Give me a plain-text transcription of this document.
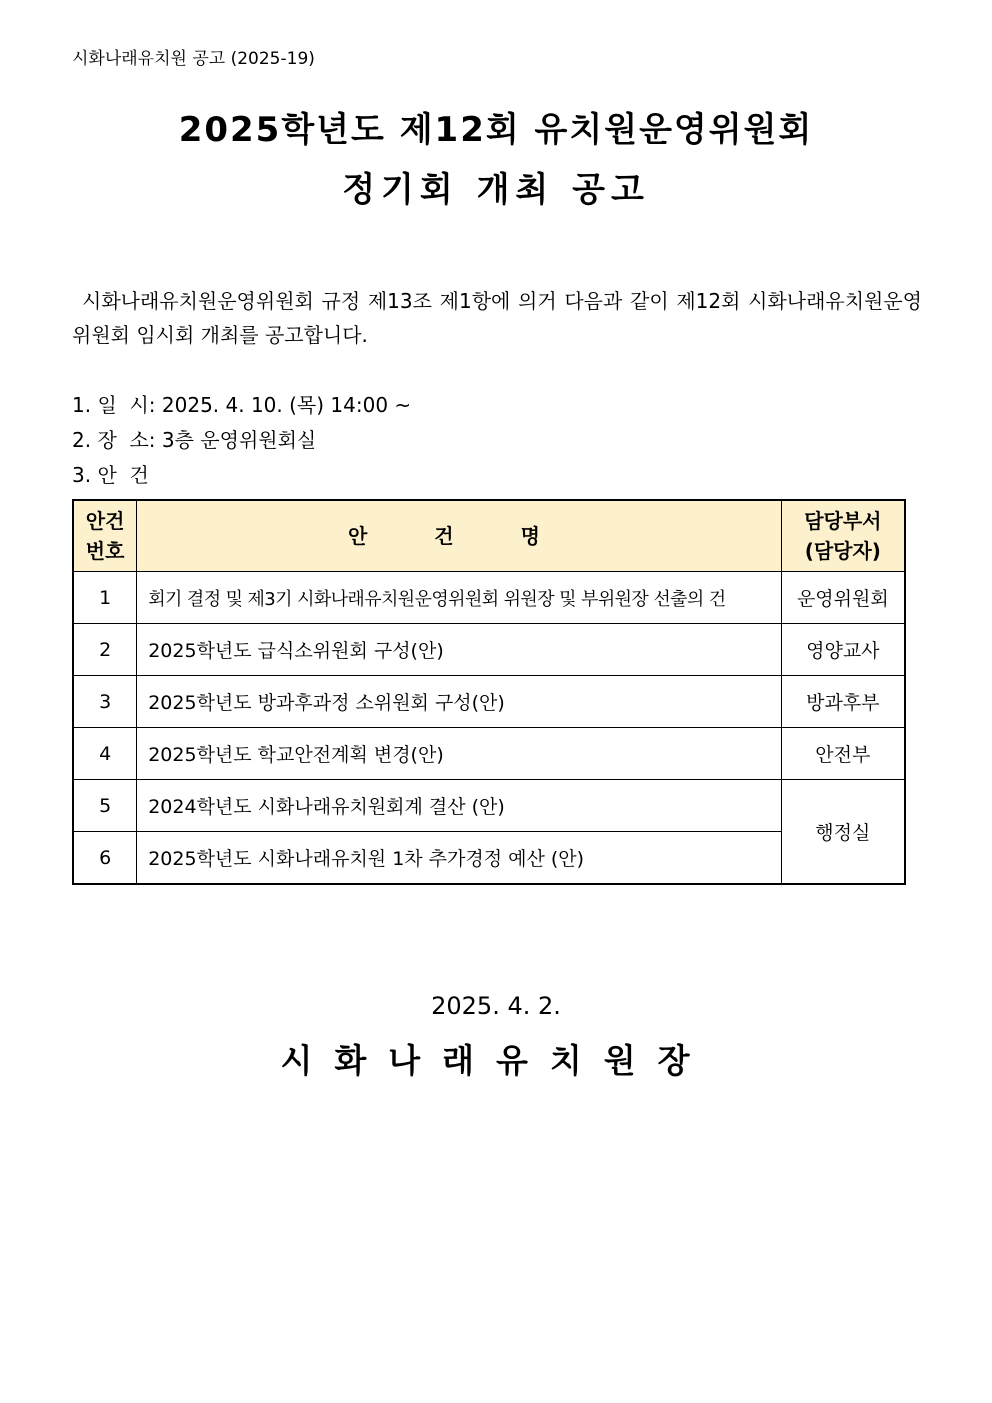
시화나래유치원 공고 (2025-19)
2025학년도 제12회 유치원운영위원회
정기회 개최 공고
시화나래유치원운영위원회 규정 제13조 제1항에 의거 다음과 같이 제12회 시화나래유치원운영위원회 임시회 개최를 공고합니다.
1. 일  시: 2025. 4. 10. (목) 14:00 ~
2. 장  소: 3층 운영위원회실
3. 안  건
안건
번호	안 건 명	담당부서
(담당자)
1	회기 결정 및 제3기 시화나래유치원운영위원회 위원장 및 부위원장 선출의 건	운영위원회
2	2025학년도 급식소위원회 구성(안)	영양교사
3	2025학년도 방과후과정 소위원회 구성(안)	방과후부
4	2025학년도 학교안전계획 변경(안)	안전부
5	2024학년도 시화나래유치원회계 결산 (안)	행정실
6	2025학년도 시화나래유치원 1차 추가경정 예산 (안)	
2025. 4. 2.
시화나래유치원장
